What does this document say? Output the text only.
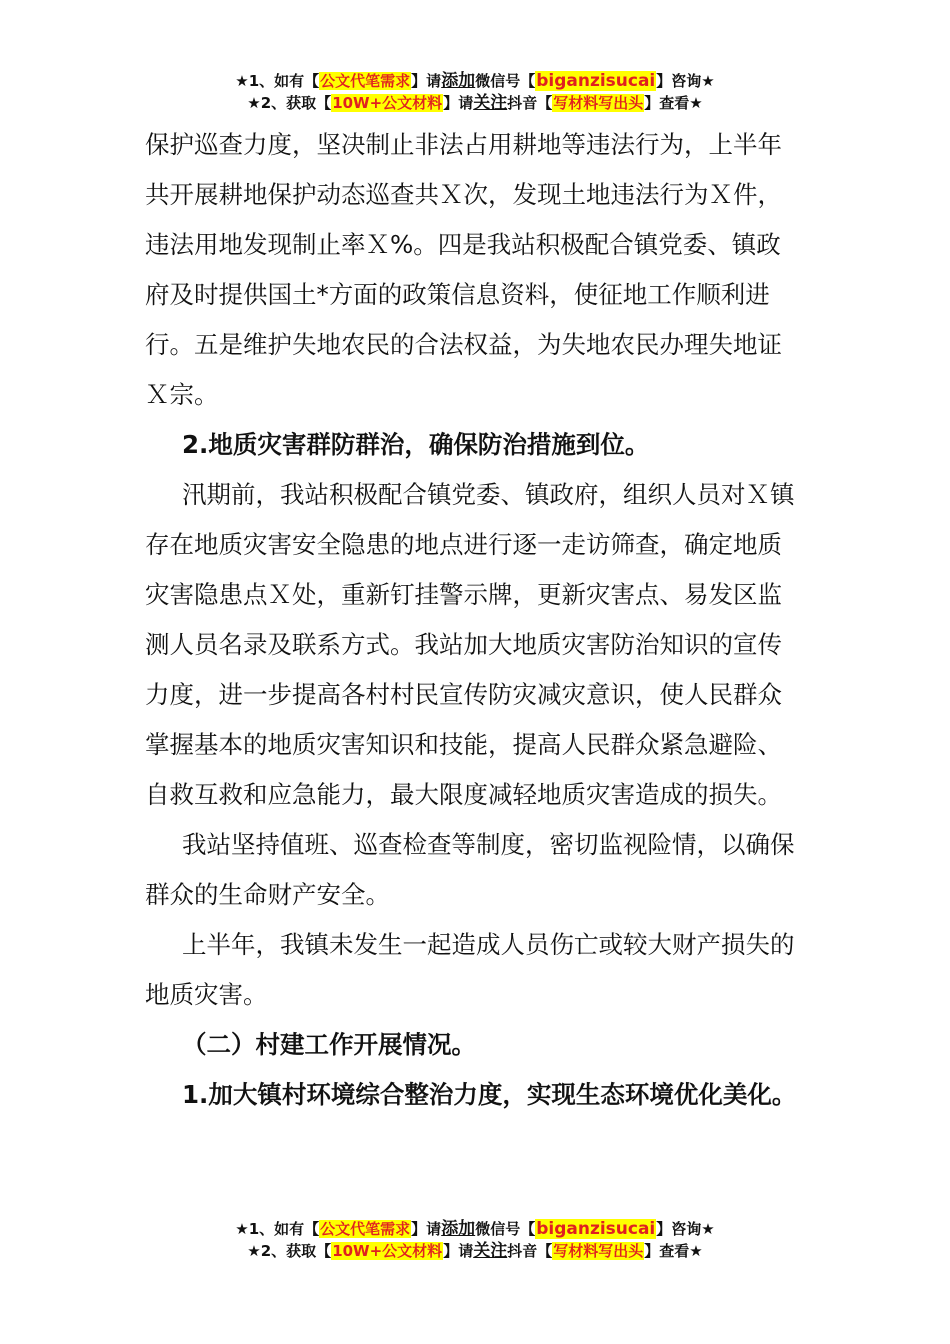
★1、如有【公文代笔需求】请添加微信号【biganzisucai】咨询★
★2、获取【10W+公文材料】请关注抖音【写材料写出头】查看★

保护巡查力度，坚决制止非法占用耕地等违法行为，上半年共开展耕地保护动态巡查共Ｘ次，发现土地违法行为Ｘ件，违法用地发现制止率Ｘ%。四是我站积极配合镇党委、镇政府及时提供国土*方面的政策信息资料，使征地工作顺利进行。五是维护失地农民的合法权益，为失地农民办理失地证Ｘ宗。

2.地质灾害群防群治，确保防治措施到位。

汛期前，我站积极配合镇党委、镇政府，组织人员对Ｘ镇存在地质灾害安全隐患的地点进行逐一走访筛查，确定地质灾害隐患点Ｘ处，重新钉挂警示牌，更新灾害点、易发区监测人员名录及联系方式。我站加大地质灾害防治知识的宣传力度，进一步提高各村村民宣传防灾减灾意识，使人民群众掌握基本的地质灾害知识和技能，提高人民群众紧急避险、自救互救和应急能力，最大限度减轻地质灾害造成的损失。

我站坚持值班、巡查检查等制度，密切监视险情，以确保群众的生命财产安全。

上半年，我镇未发生一起造成人员伤亡或较大财产损失的地质灾害。

（二）村建工作开展情况。

1.加大镇村环境综合整治力度，实现生态环境优化美化。

★1、如有【公文代笔需求】请添加微信号【biganzisucai】咨询★
★2、获取【10W+公文材料】请关注抖音【写材料写出头】查看★
